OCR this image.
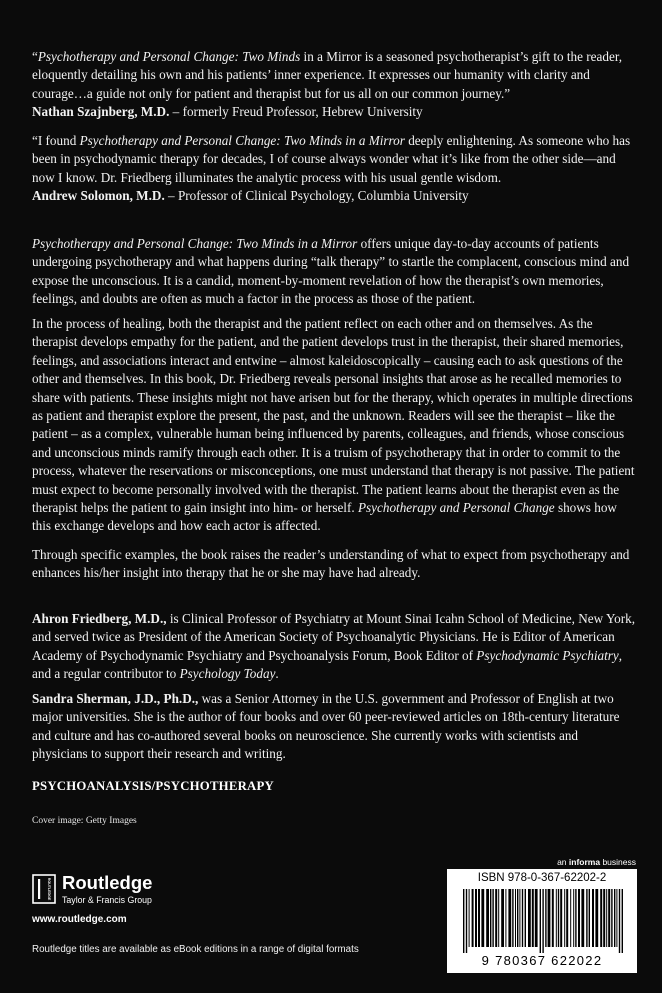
“Psychotherapy and Personal Change: Two Minds in a Mirror is a seasoned psychotherapist’s gift to the reader, eloquently detailing his own and his patients’ inner experience. It expresses our humanity with clarity and courage…a guide not only for patient and therapist but for us all on our common journey.”

Nathan Szajnberg, M.D. – formerly Freud Professor, Hebrew University

“I found Psychotherapy and Personal Change: Two Minds in a Mirror deeply enlightening. As someone who has been in psychodynamic therapy for decades, I of course always wonder what it’s like from the other side—and now I know. Dr. Friedberg illuminates the analytic process with his usual gentle wisdom.

Andrew Solomon, M.D. – Professor of Clinical Psychology, Columbia University

Psychotherapy and Personal Change: Two Minds in a Mirror offers unique day-to-day accounts of patients undergoing psychotherapy and what happens during “talk therapy” to startle the complacent, conscious mind and expose the unconscious. It is a candid, moment-by-moment revelation of how the therapist’s own memories, feelings, and doubts are often as much a factor in the process as those of the patient.

In the process of healing, both the therapist and the patient reflect on each other and on themselves. As the therapist develops empathy for the patient, and the patient develops trust in the therapist, their shared memories, feelings, and associations interact and entwine – almost kaleidoscopically – causing each to ask questions of the other and themselves. In this book, Dr. Friedberg reveals personal insights that arose as he recalled memories to share with patients. These insights might not have arisen but for the therapy, which operates in multiple directions as patient and therapist explore the present, the past, and the unknown. Readers will see the therapist – like the patient – as a complex, vulnerable human being influenced by parents, colleagues, and friends, whose conscious and unconscious minds ramify through each other. It is a truism of psychotherapy that in order to commit to the process, whatever the reservations or misconceptions, one must understand that therapy is not passive. The patient must expect to become personally involved with the therapist. The patient learns about the therapist even as the therapist helps the patient to gain insight into him- or herself. Psychotherapy and Personal Change shows how this exchange develops and how each actor is affected.

Through specific examples, the book raises the reader’s understanding of what to expect from psychotherapy and enhances his/her insight into therapy that he or she may have had already.

Ahron Friedberg, M.D., is Clinical Professor of Psychiatry at Mount Sinai Icahn School of Medicine, New York, and served twice as President of the American Society of Psychoanalytic Physicians. He is Editor of American Academy of Psychodynamic Psychiatry and Psychoanalysis Forum, Book Editor of Psychodynamic Psychiatry, and a regular contributor to Psychology Today.

Sandra Sherman, J.D., Ph.D., was a Senior Attorney in the U.S. government and Professor of English at two major universities. She is the author of four books and over 60 peer-reviewed articles on 18th-century literature and culture and has co-authored several books on neuroscience. She currently works with scientists and physicians to support their research and writing.

PSYCHOANALYSIS/PSYCHOTHERAPY
Cover image: Getty Images
an informa business
ROUTLEDGE Routledge
Taylor & Francis Group
www.routledge.com
Routledge titles are available as eBook editions in a range of digital formats
ISBN 978-0-367-62202-2
9 780367 622022
